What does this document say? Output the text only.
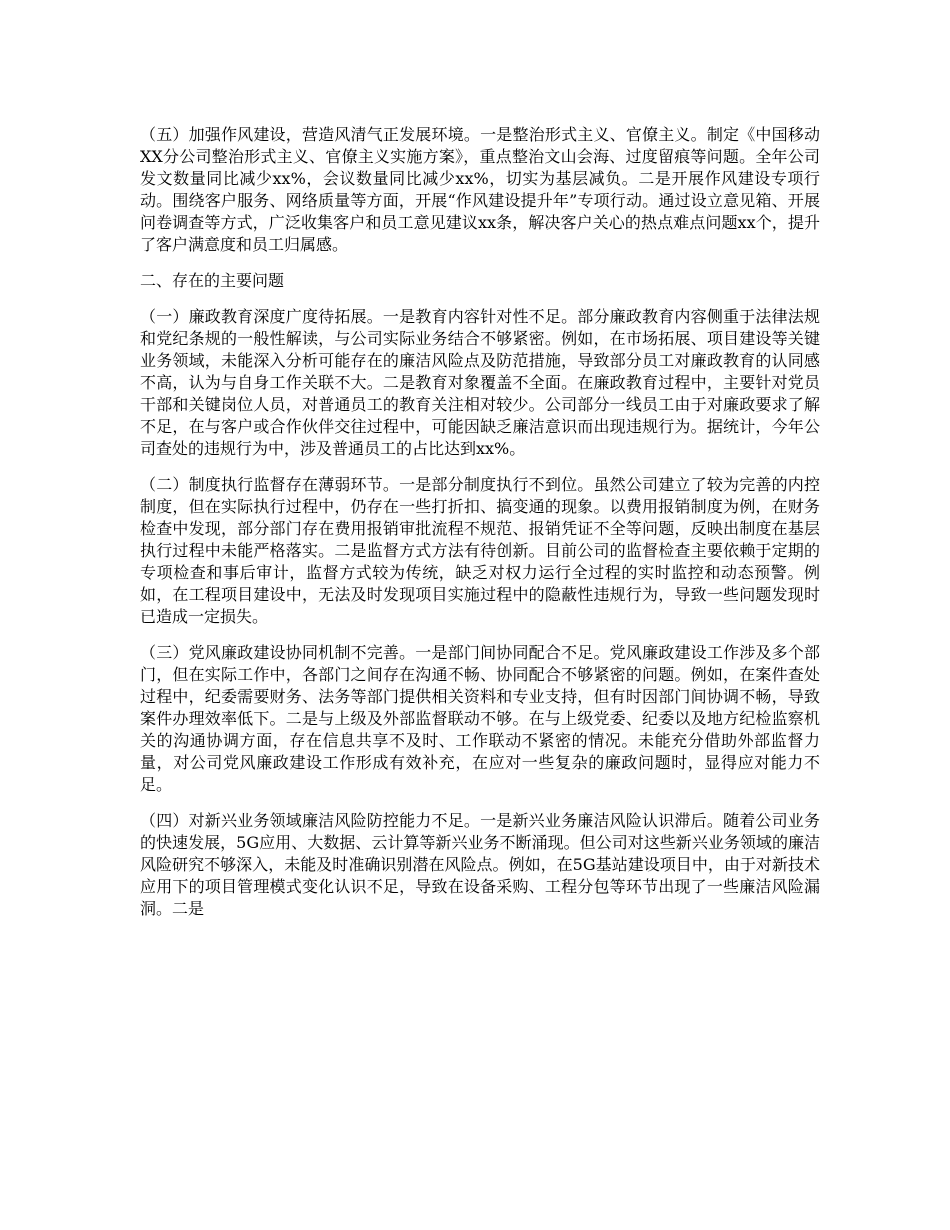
（五）加强作风建设，营造风清气正发展环境。一是整治形式主义、官僚主义。制定《中国移动XX分公司整治形式主义、官僚主义实施方案》，重点整治文山会海、过度留痕等问题。全年公司发文数量同比减少xx%，会议数量同比减少xx%，切实为基层减负。二是开展作风建设专项行动。围绕客户服务、网络质量等方面，开展“作风建设提升年”专项行动。通过设立意见箱、开展问卷调查等方式，广泛收集客户和员工意见建议xx条，解决客户关心的热点难点问题xx个，提升了客户满意度和员工归属感。

二、存在的主要问题

（一）廉政教育深度广度待拓展。一是教育内容针对性不足。部分廉政教育内容侧重于法律法规和党纪条规的一般性解读，与公司实际业务结合不够紧密。例如，在市场拓展、项目建设等关键业务领域，未能深入分析可能存在的廉洁风险点及防范措施，导致部分员工对廉政教育的认同感不高，认为与自身工作关联不大。二是教育对象覆盖不全面。在廉政教育过程中，主要针对党员干部和关键岗位人员，对普通员工的教育关注相对较少。公司部分一线员工由于对廉政要求了解不足，在与客户或合作伙伴交往过程中，可能因缺乏廉洁意识而出现违规行为。据统计，今年公司查处的违规行为中，涉及普通员工的占比达到xx%。

（二）制度执行监督存在薄弱环节。一是部分制度执行不到位。虽然公司建立了较为完善的内控制度，但在实际执行过程中，仍存在一些打折扣、搞变通的现象。以费用报销制度为例，在财务检查中发现，部分部门存在费用报销审批流程不规范、报销凭证不全等问题，反映出制度在基层执行过程中未能严格落实。二是监督方式方法有待创新。目前公司的监督检查主要依赖于定期的专项检查和事后审计，监督方式较为传统，缺乏对权力运行全过程的实时监控和动态预警。例如，在工程项目建设中，无法及时发现项目实施过程中的隐蔽性违规行为，导致一些问题发现时已造成一定损失。

（三）党风廉政建设协同机制不完善。一是部门间协同配合不足。党风廉政建设工作涉及多个部门，但在实际工作中，各部门之间存在沟通不畅、协同配合不够紧密的问题。例如，在案件查处过程中，纪委需要财务、法务等部门提供相关资料和专业支持，但有时因部门间协调不畅，导致案件办理效率低下。二是与上级及外部监督联动不够。在与上级党委、纪委以及地方纪检监察机关的沟通协调方面，存在信息共享不及时、工作联动不紧密的情况。未能充分借助外部监督力量，对公司党风廉政建设工作形成有效补充，在应对一些复杂的廉政问题时，显得应对能力不足。

（四）对新兴业务领域廉洁风险防控能力不足。一是新兴业务廉洁风险认识滞后。随着公司业务的快速发展，5G应用、大数据、云计算等新兴业务不断涌现。但公司对这些新兴业务领域的廉洁风险研究不够深入，未能及时准确识别潜在风险点。例如，在5G基站建设项目中，由于对新技术应用下的项目管理模式变化认识不足，导致在设备采购、工程分包等环节出现了一些廉洁风险漏洞。二是
